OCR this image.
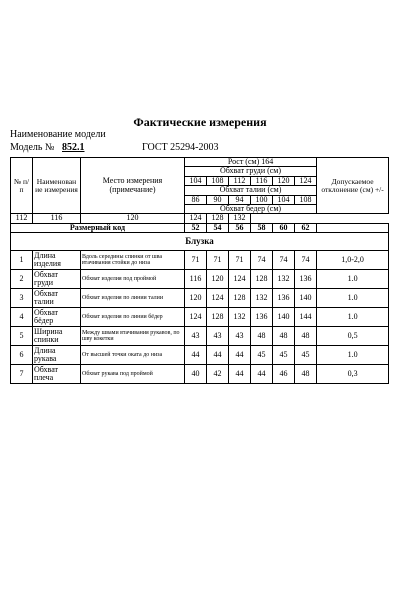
Фактические измерения
Наименование модели
Модель № 852.1	ГОСТ 25294-2003
№ п/п	Наименован ие измерения	Место измерения (примечание)	Рост (см) 164						Допускаемое отклонение (см) +/-
			Обхват груди (см)						
			104	108	112	116	120	124	
			Обхват талии (см)						
			86	90	94	100	104	108	
			Обхват бедер (см)						
112	116	120	124	128	132				
Размерный код			52	54	56	58	60	62	
Блузка									
1	Длина изделия	Вдоль середины спинки от шва втачивания стойки до низа	71	71	71	74	74	74	1,0-2,0
2	Обхват груди	Обхват изделия под проймой	116	120	124	128	132	136	1.0
3	Обхват талии	Обхват изделия по линии талии	120	124	128	132	136	140	1.0
4	Обхват бёдер	Обхват изделия по линии бёдер	124	128	132	136	140	144	1.0
5	Ширина спинки	Между швами втачивания рукавов, по шву кокетки	43	43	43	48	48	48	0,5
6	Длина рукава	От высшей точки оката до низа	44	44	44	45	45	45	1.0
7	Обхват плеча	Обхват рукава под проймой	40	42	44	44	46	48	0,3
